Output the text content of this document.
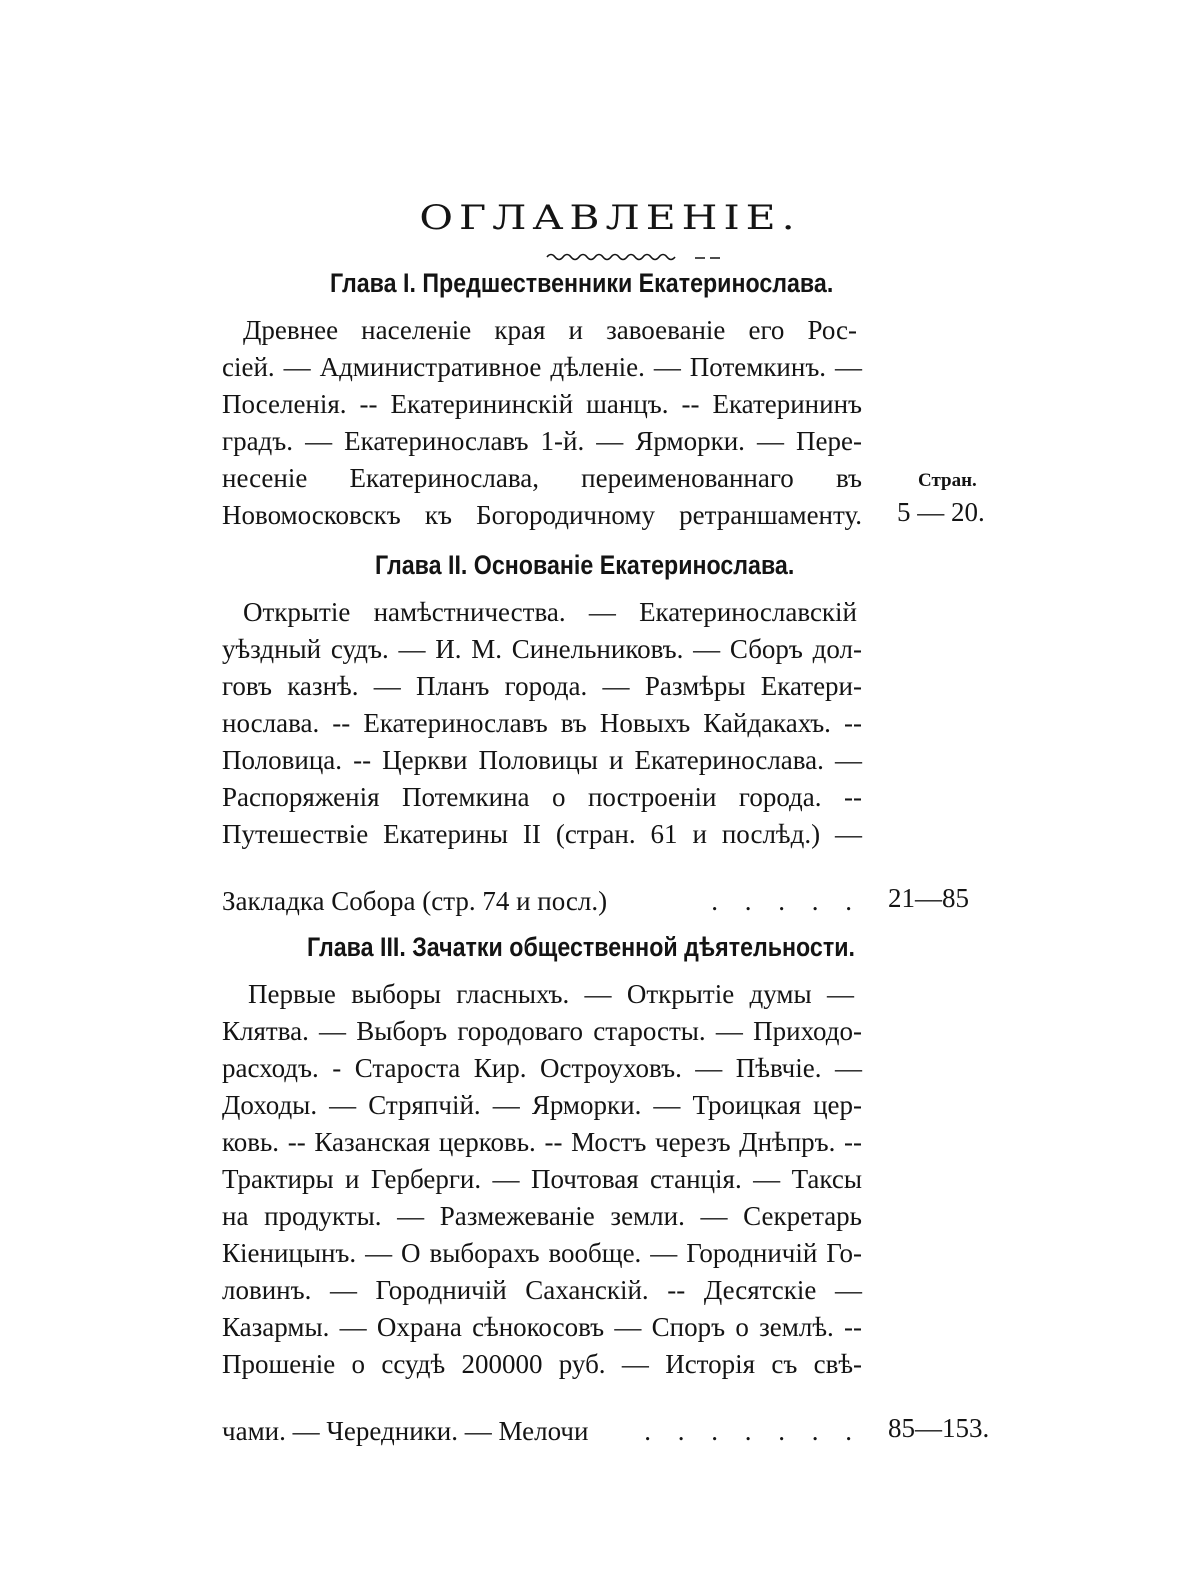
ОГЛАВЛЕНIЕ.
Глава I. Предшественники Екатеринослава.
Древнее населенiе края и завоеванiе его Рос-
сiей. — Административное дѣленiе. — Потемкинъ. —
Поселенiя. -- Екатерининскiй шанцъ. -- Екатерининъ
градъ. — Екатеринославъ 1-й. — Ярморки. — Пере-
несенiе Екатеринослава, переименованнаго въ
Новомосковскъ къ Богородичному ретраншаменту.
Стран.
5 — 20.
Глава II. Основанiе Екатеринослава.
Открытiе намѣстничества. — Екатеринославскiй
уѣздный судъ. — И. М. Синельниковъ. — Сборъ дол-
говъ казнѣ. — Планъ города. — Размѣры Екатери-
нослава. -- Екатеринославъ въ Новыхъ Кайдакахъ. --
Половица. -- Церкви Половицы и Екатеринослава. —
Распоряженiя Потемкина о построенiи города. --
Путешествiе Екатерины II (стран. 61 и послѣд.) —
Закладка Собора (стр. 74 и посл.)	. . . . . 21—85
Глава III. Зачатки общественной дѣятельности.
Первые выборы гласныхъ. — Открытiе думы —
Клятва. — Выборъ городоваго старосты. — Приходо-
расходъ. - Староста Кир. Остроуховъ. — Пѣвчiе. —
Доходы. — Стряпчiй. — Ярморки. — Троицкая цер-
ковь. -- Казанская церковь. -- Мостъ черезъ Днѣпръ. --
Трактиры и Герберги. — Почтовая станцiя. — Таксы
на продукты. — Размежеванiе земли. — Секретарь
Кiеницынъ. — О выборахъ вообще. — Городничiй Го-
ловинъ. — Городничiй Саханскiй. -- Десятскiе —
Казармы. — Охрана сѣнокосовъ — Споръ о землѣ. --
Прошенiе о ссудѣ 200000 руб. — Исторiя съ свѣ-
чами. — Чередники. — Мелочи . . . . . . . 85—153.
